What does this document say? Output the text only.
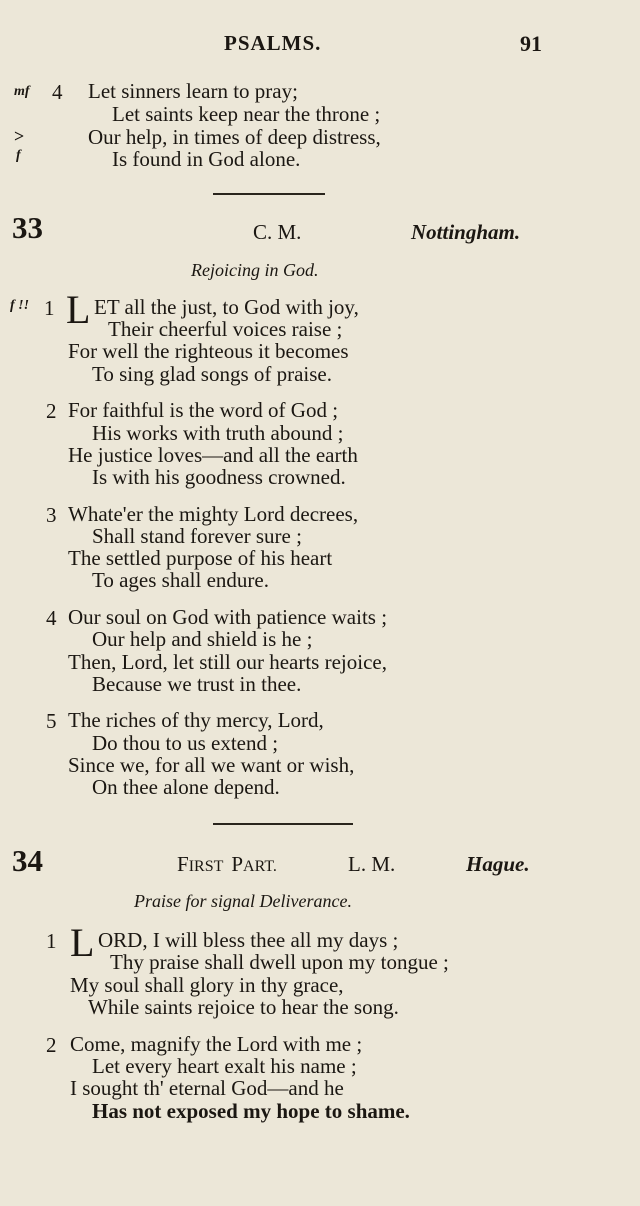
PSALMS.	91
mf 4 Let sinners learn to pray;
Let saints keep near the throne ;
>	Our help, in times of deep distress,
f	Is found in God alone.
33	C. M.	Nottingham.
Rejoicing in God.
f !! 1 L ET all the just, to God with joy,
Their cheerful voices raise ;
For well the righteous it becomes
To sing glad songs of praise.
2 For faithful is the word of God ;
His works with truth abound ;
He justice loves—and all the earth
Is with his goodness crowned.
3 Whate'er the mighty Lord decrees,
Shall stand forever sure ;
The settled purpose of his heart
To ages shall endure.
4 Our soul on God with patience waits ;
Our help and shield is he ;
Then, Lord, let still our hearts rejoice,
Because we trust in thee.
5 The riches of thy mercy, Lord,
Do thou to us extend ;
Since we, for all we want or wish,
On thee alone depend.
34	FIRST PART.	L. M.	Hague.
Praise for signal Deliverance.
1 L ORD, I will bless thee all my days ;
Thy praise shall dwell upon my tongue ;
My soul shall glory in thy grace,
While saints rejoice to hear the song.
2 Come, magnify the Lord with me ;
Let every heart exalt his name ;
I sought th' eternal God—and he
Has not exposed my hope to shame.
